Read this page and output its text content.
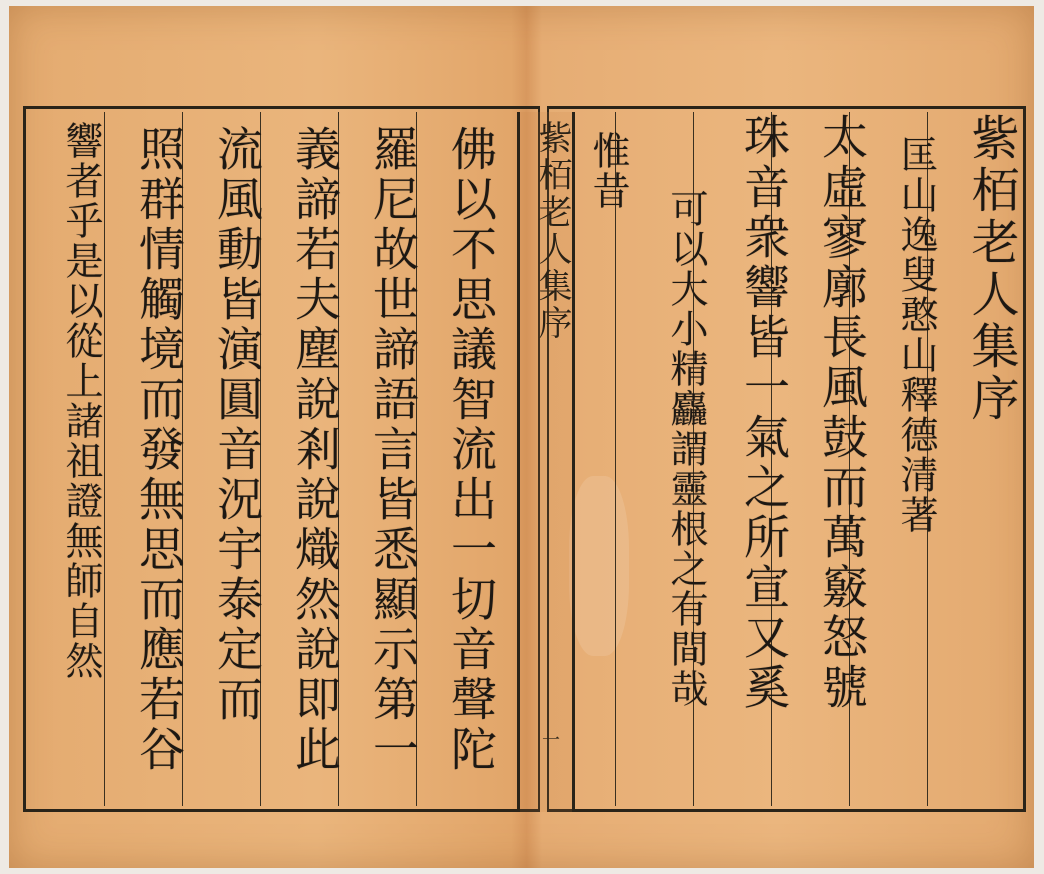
紫栢老人集序
匡山逸叟憨山釋德清著
太虛寥廓長風鼓而萬竅怒號
珠音衆響皆一氣之所宣又奚
可以大小精麤謂靈根之有間哉
惟昔
紫栢老人集序
一
佛以不思議智流出一切音聲陀
羅尼故世諦語言皆悉顯示第一
義諦若夫塵說剎說熾然說即此
流風動皆演圓音況宇泰定而
照群情觸境而發無思而應若谷
響者乎是以從上諸祖證無師自然
